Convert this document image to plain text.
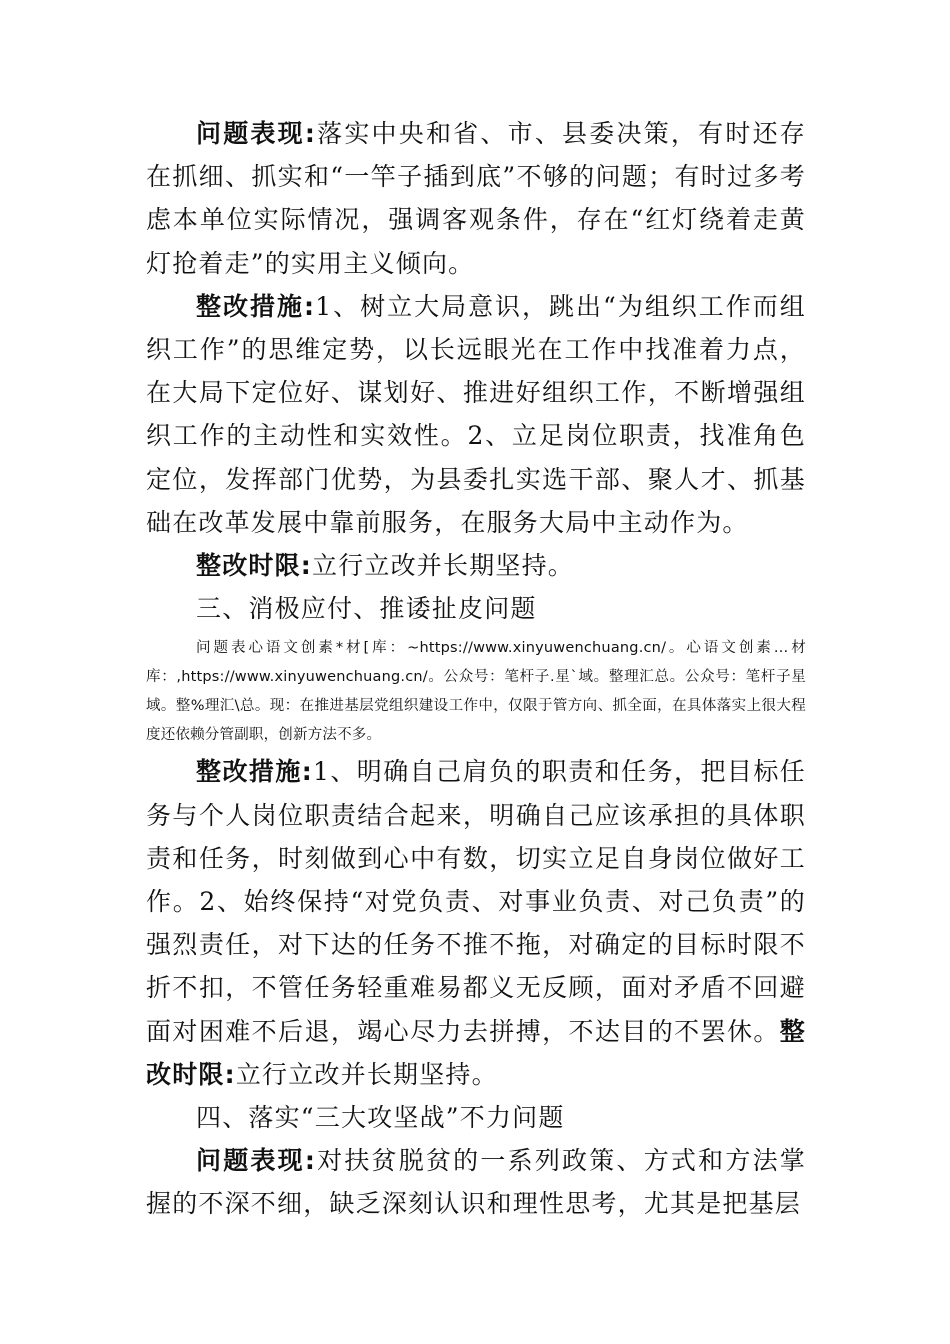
问题表现:落实中央和省、市、县委决策，有时还存在抓细、抓实和“一竿子插到底”不够的问题；有时过多考虑本单位实际情况，强调客观条件，存在“红灯绕着走黄灯抢着走”的实用主义倾向。

整改措施:1、树立大局意识，跳出“为组织工作而组织工作”的思维定势，以长远眼光在工作中找准着力点，在大局下定位好、谋划好、推进好组织工作，不断增强组织工作的主动性和实效性。2、立足岗位职责，找准角色定位，发挥部门优势，为县委扎实选干部、聚人才、抓基础在改革发展中靠前服务，在服务大局中主动作为。

整改时限:立行立改并长期坚持。

三、消极应付、推诿扯皮问题

问题表心语文创素*材[库：~https://www.xinyuwenchuang.cn/。心语文创素…材库：,https://www.xinyuwenchuang.cn/。公众号：笔杆子.星`域。整理汇总。公众号：笔杆子星域。整%理汇\总。现：在推进基层党组织建设工作中，仅限于管方向、抓全面，在具体落实上很大程度还依赖分管副职，创新方法不多。

整改措施:1、明确自己肩负的职责和任务，把目标任务与个人岗位职责结合起来，明确自己应该承担的具体职责和任务，时刻做到心中有数，切实立足自身岗位做好工作。2、始终保持“对党负责、对事业负责、对己负责”的强烈责任，对下达的任务不推不拖，对确定的目标时限不折不扣，不管任务轻重难易都义无反顾，面对矛盾不回避面对困难不后退，竭心尽力去拼搏，不达目的不罢休。整改时限:立行立改并长期坚持。

四、落实“三大攻坚战”不力问题

问题表现:对扶贫脱贫的一系列政策、方式和方法掌握的不深不细，缺乏深刻认识和理性思考，尤其是把基层
